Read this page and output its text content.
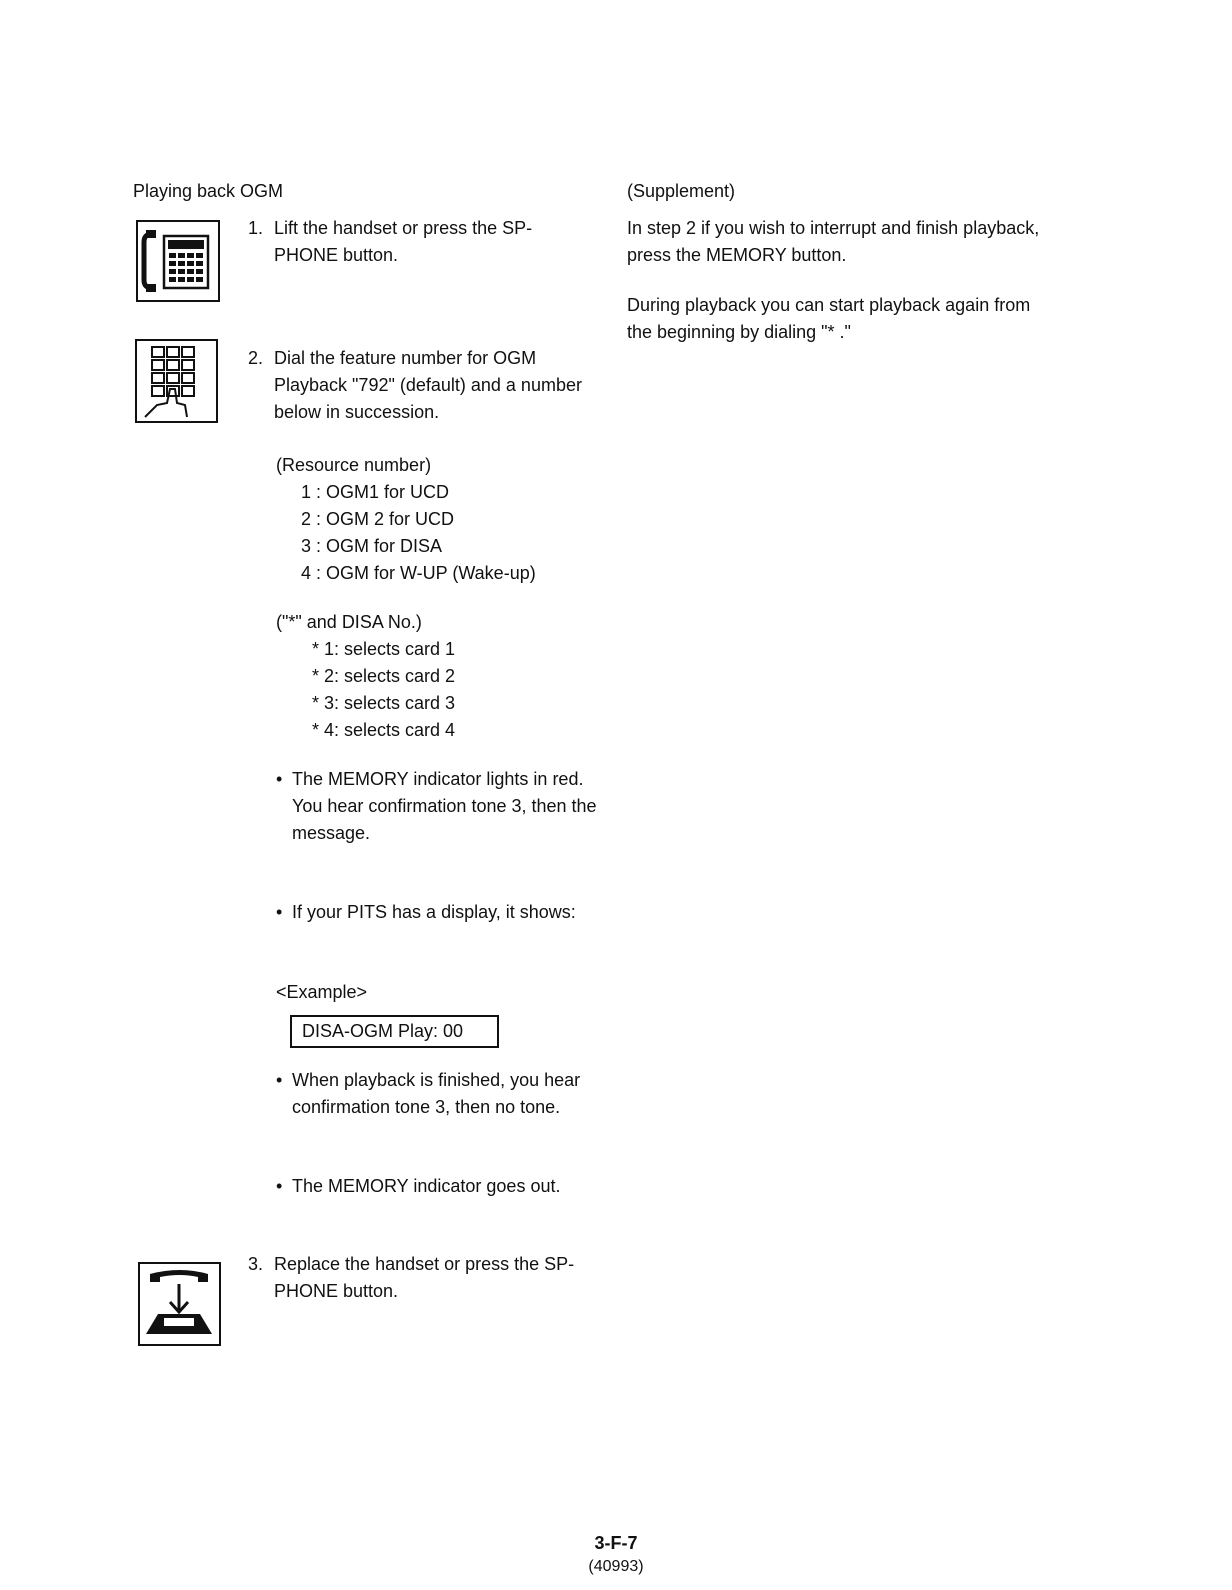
Playing back OGM
1. Lift the handset or press the SP-PHONE button.
2. Dial the feature number for OGM Playback "792" (default) and a number below in succession.
(Resource number)
1 : OGM1 for UCD
2 : OGM 2 for UCD
3 : OGM for DISA
4 : OGM for W-UP (Wake-up)
("*" and DISA No.)
* 1: selects card 1
* 2: selects card 2
* 3: selects card 3
* 4: selects card 4
• The MEMORY indicator lights in red.
You hear confirmation tone 3, then the message.
• If your PITS has a display, it shows:
<Example>
DISA-OGM Play: 00
• When playback is finished, you hear confirmation tone 3, then no tone.
• The MEMORY indicator goes out.
3. Replace the handset or press the SP-PHONE button.
(Supplement)
In step 2 if you wish to interrupt and finish playback, press the MEMORY button.
During playback you can start playback again from the beginning by dialing "* ."
3-F-7
(40993)
